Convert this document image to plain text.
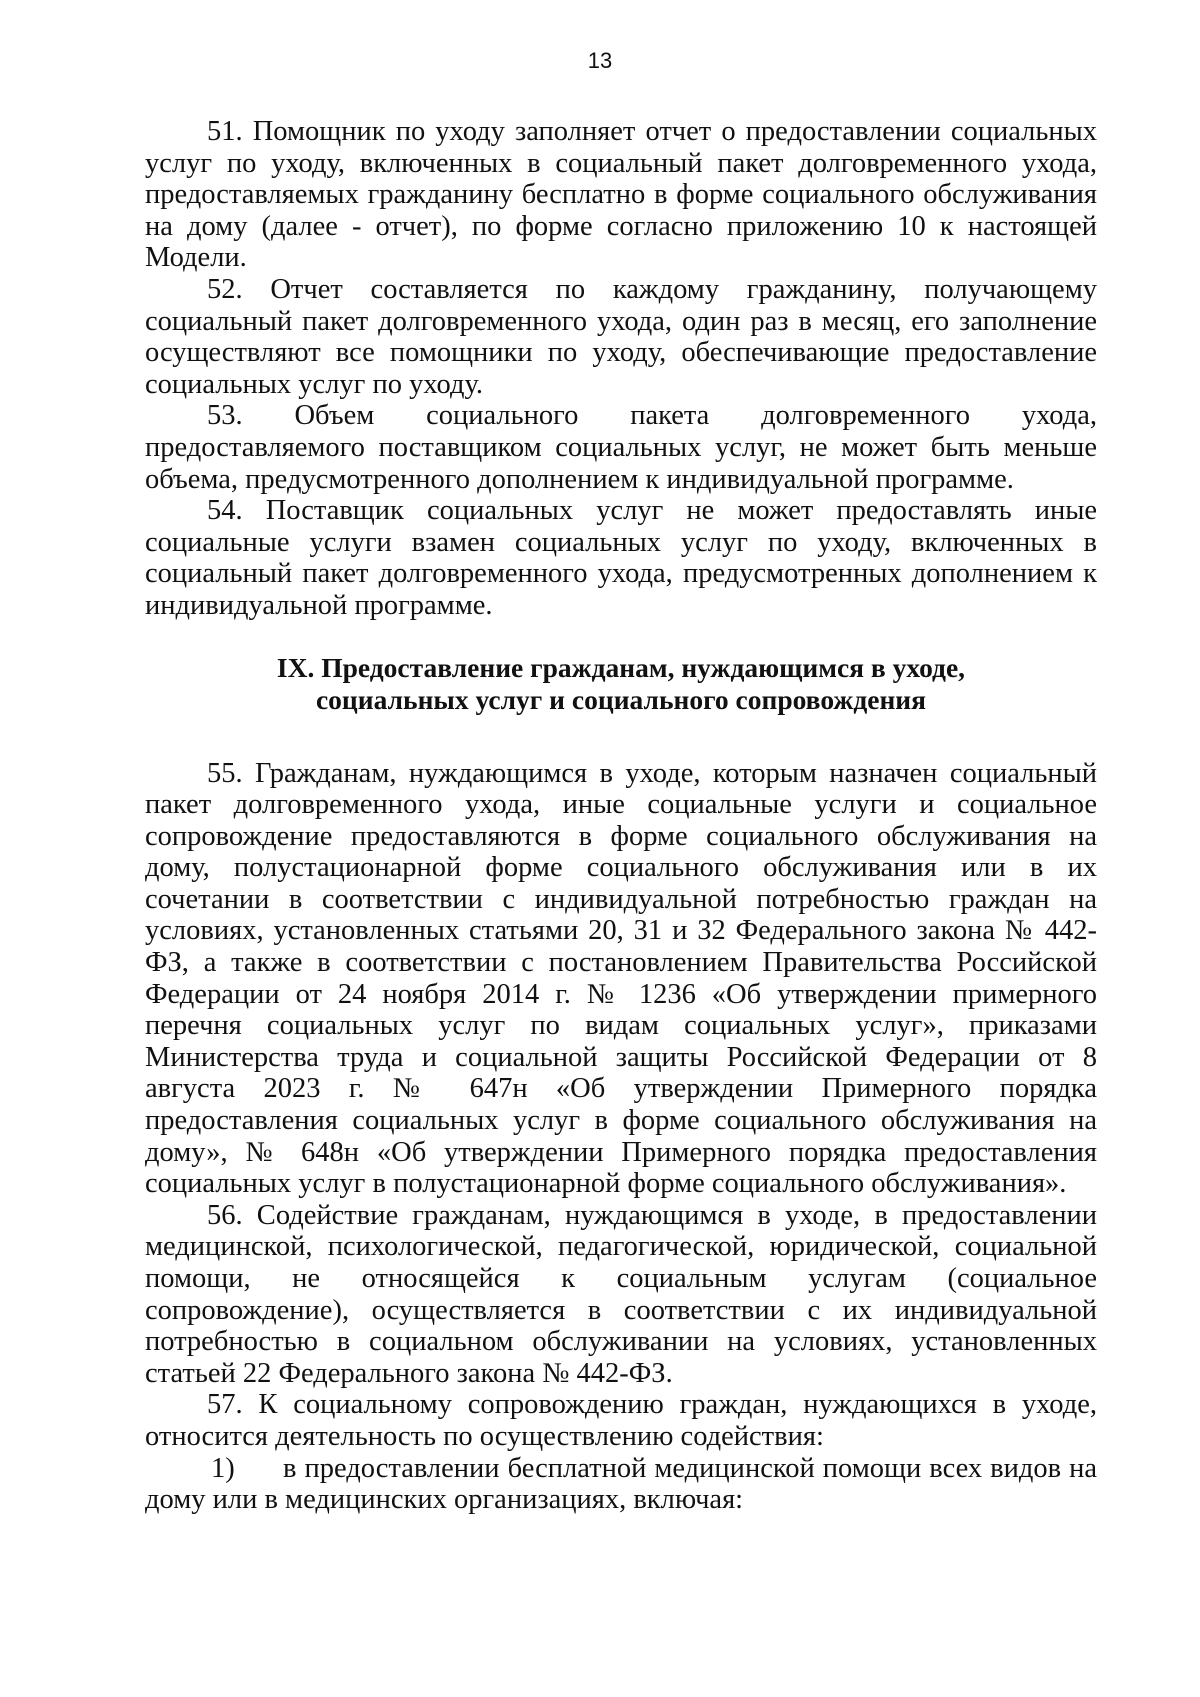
13

51. Помощник по уходу заполняет отчет о предоставлении социальных услуг по уходу, включенных в социальный пакет долговременного ухода, предоставляемых гражданину бесплатно в форме социального обслуживания на дому (далее - отчет), по форме согласно приложению 10 к настоящей Модели.

52. Отчет составляется по каждому гражданину, получающему социальный пакет долговременного ухода, один раз в месяц, его заполнение осуществляют все помощники по уходу, обеспечивающие предоставление социальных услуг по уходу.

53. Объем социального пакета долговременного ухода, предоставляемого поставщиком социальных услуг, не может быть меньше объема, предусмотренного дополнением к индивидуальной программе.

54. Поставщик социальных услуг не может предоставлять иные социальные услуги взамен социальных услуг по уходу, включенных в социальный пакет долговременного ухода, предусмотренных дополнением к индивидуальной программе.

IX. Предоставление гражданам, нуждающимся в уходе,
социальных услуг и социального сопровождения

55. Гражданам, нуждающимся в уходе, которым назначен социальный пакет долговременного ухода, иные социальные услуги и социальное сопровождение предоставляются в форме социального обслуживания на дому, полустационарной форме социального обслуживания или в их сочетании в соответствии с индивидуальной потребностью граждан на условиях, установленных статьями 20, 31 и 32 Федерального закона № 442-ФЗ, а также в соответствии с постановлением Правительства Российской Федерации от 24 ноября 2014 г. № 1236 «Об утверждении примерного перечня социальных услуг по видам социальных услуг», приказами Министерства труда и социальной защиты Российской Федерации от 8 августа 2023 г. № 647н «Об утверждении Примерного порядка предоставления социальных услуг в форме социального обслуживания на дому», № 648н «Об утверждении Примерного порядка предоставления социальных услуг в полустационарной форме социального обслуживания».

56. Содействие гражданам, нуждающимся в уходе, в предоставлении медицинской, психологической, педагогической, юридической, социальной помощи, не относящейся к социальным услугам (социальное сопровождение), осуществляется в соответствии с их индивидуальной потребностью в социальном обслуживании на условиях, установленных статьей 22 Федерального закона № 442-ФЗ.

57. К социальному сопровождению граждан, нуждающихся в уходе, относится деятельность по осуществлению содействия:

1) в предоставлении бесплатной медицинской помощи всех видов на дому или в медицинских организациях, включая:
